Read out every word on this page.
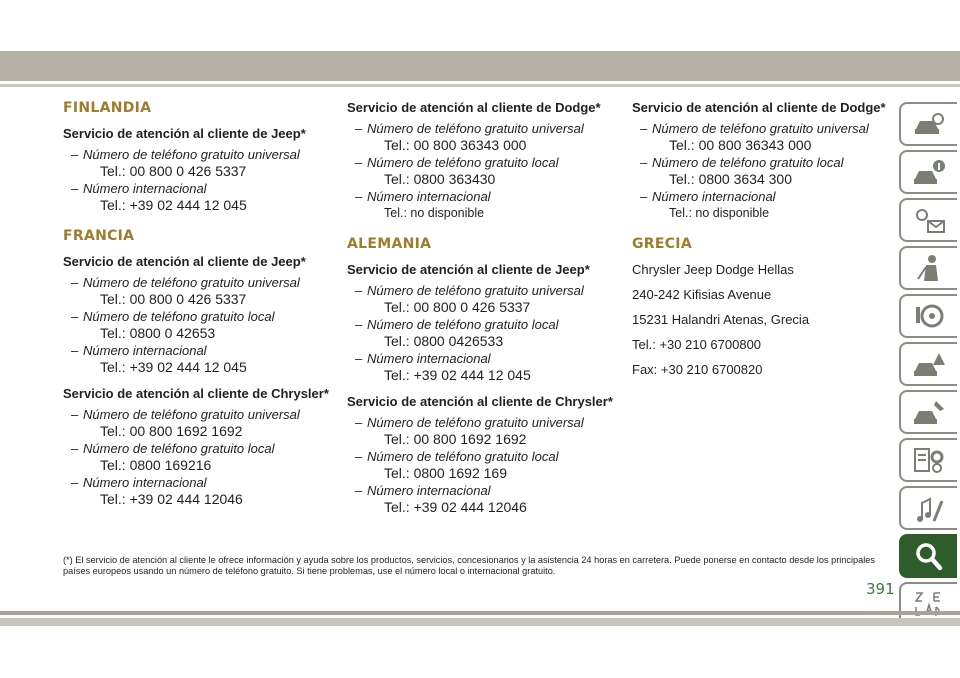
FINLANDIA
Servicio de atención al cliente de Jeep*
– Número de teléfono gratuito universal
Tel.: 00 800 0 426 5337
– Número internacional
Tel.: +39 02 444 12 045
FRANCIA
Servicio de atención al cliente de Jeep*
– Número de teléfono gratuito universal
Tel.: 00 800 0 426 5337
– Número de teléfono gratuito local
Tel.: 0800 0 42653
– Número internacional
Tel.: +39 02 444 12 045
Servicio de atención al cliente de Chrysler*
– Número de teléfono gratuito universal
Tel.: 00 800 1692 1692
– Número de teléfono gratuito local
Tel.: 0800 169216
– Número internacional
Tel.: +39 02 444 12046
Servicio de atención al cliente de Dodge*
– Número de teléfono gratuito universal
Tel.: 00 800 36343 000
– Número de teléfono gratuito local
Tel.: 0800 363430
– Número internacional
Tel.: no disponible
ALEMANIA
Servicio de atención al cliente de Jeep*
– Número de teléfono gratuito universal
Tel.: 00 800 0 426 5337
– Número de teléfono gratuito local
Tel.: 0800 0426533
– Número internacional
Tel.: +39 02 444 12 045
Servicio de atención al cliente de Chrysler*
– Número de teléfono gratuito universal
Tel.: 00 800 1692 1692
– Número de teléfono gratuito local
Tel.: 0800 1692 169
– Número internacional
Tel.: +39 02 444 12046
Servicio de atención al cliente de Dodge*
– Número de teléfono gratuito universal
Tel.: 00 800 36343 000
– Número de teléfono gratuito local
Tel.: 0800 3634 300
– Número internacional
Tel.: no disponible
GRECIA
Chrysler Jeep Dodge Hellas
240-242 Kifisias Avenue
15231 Halandri Atenas, Grecia
Tel.: +30 210 6700800
Fax: +30 210 6700820
(*) El servicio de atención al cliente le ofrece información y ayuda sobre los productos, servicios, concesionarios y la asistencia 24 horas en carretera. Puede ponerse en contacto desde los principales países europeos usando un número de teléfono gratuito. Si tiene problemas, use el número local o internacional gratuito.
391
